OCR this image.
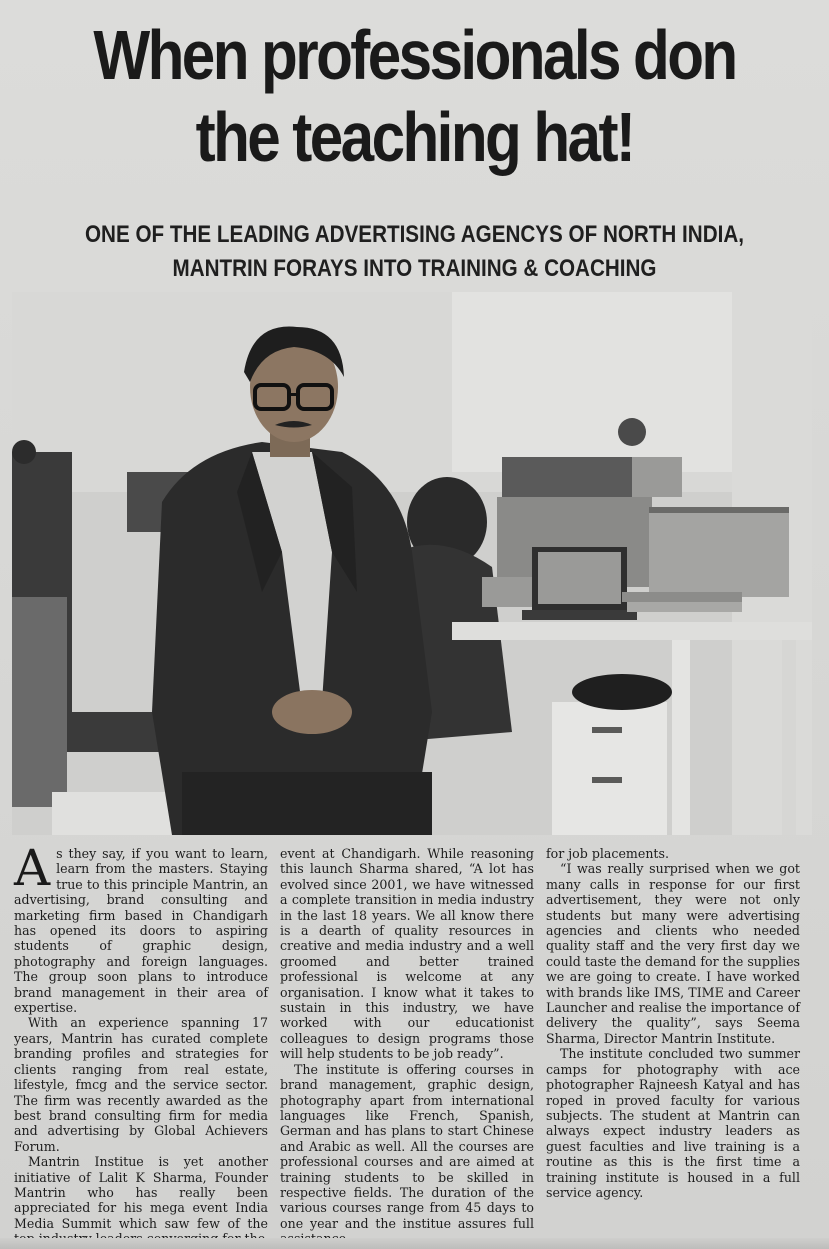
When professionals don
the teaching hat!
ONE OF THE LEADING ADVERTISING AGENCYS OF NORTH INDIA,
MANTRIN FORAYS INTO TRAINING & COACHING

As they say, if you want to learn, learn from the masters. Staying true to this principle Mantrin, an advertising, brand consulting and marketing firm based in Chandigarh has opened its doors to aspiring students of graphic design, photography and foreign languages. The group soon plans to introduce brand management in their area of expertise.

With an experience spanning 17 years, Mantrin has curated complete branding profiles and strategies for clients ranging from real estate, lifestyle, fmcg and the service sector. The firm was recently awarded as the best brand consulting firm for media and advertising by Global Achievers Forum.

Mantrin Institue is yet another initiative of Lalit K Sharma, Founder Mantrin who has really been appreciated for his mega event India Media Summit which saw few of the

event at Chandigarh. While reasoning this launch Sharma shared, “A lot has evolved since 2001, we have witnessed a complete transition in media industry in the last 18 years. We all know there is a dearth of quality resources in creative and media industry and a well groomed and better trained professional is welcome at any organisation. I know what it takes to sustain in this industry, we have worked with our educationist colleagues to design programs those will help students to be job ready”.

The institute is offering courses in brand management, graphic design, photography apart from international languages like French, Spanish, German and has plans to start Chinese and Arabic as well. All the courses are professional courses and are aimed at training students to be skilled in respective fields. The duration of the various courses range from 45 days to one year and the institue assures full

for job placements.

“I was really surprised when we got many calls in response for our first advertisement, they were not only students but many were advertising agencies and clients who needed quality staff and the very first day we could taste the demand for the supplies we are going to create. I have worked with brands like IMS, TIME and Career Launcher and realise the importance of delivery the quality”, says Seema Sharma, Director Mantrin Institute.

The institute concluded two summer camps for photography with ace photographer Rajneesh Katyal and has roped in proved faculty for various subjects. The student at Mantrin can always expect industry leaders as guest faculties and live training is a routine as this is the first time a training institute is housed in a full service agency.
